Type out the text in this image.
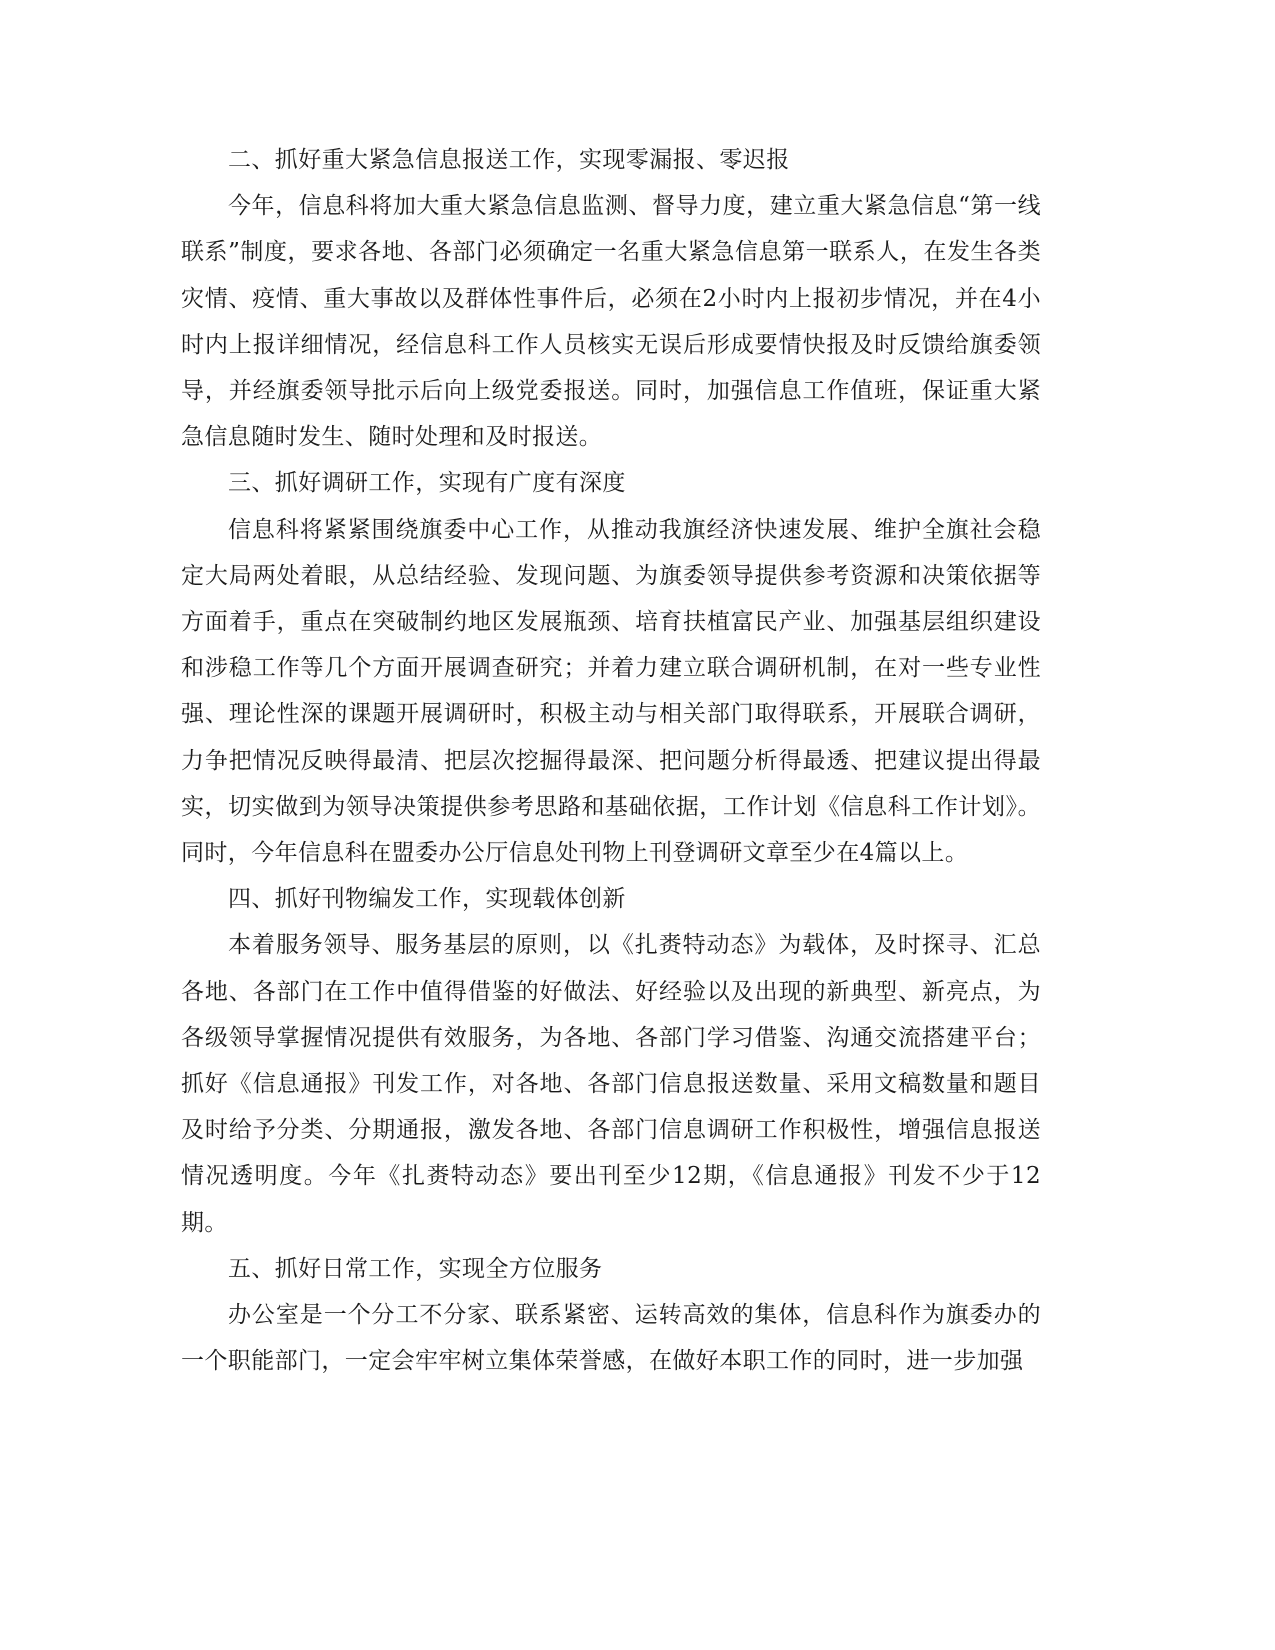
二、抓好重大紧急信息报送工作，实现零漏报、零迟报

今年，信息科将加大重大紧急信息监测、督导力度，建立重大紧急信息“第一线联系”制度，要求各地、各部门必须确定一名重大紧急信息第一联系人，在发生各类灾情、疫情、重大事故以及群体性事件后，必须在2小时内上报初步情况，并在4小时内上报详细情况，经信息科工作人员核实无误后形成要情快报及时反馈给旗委领导，并经旗委领导批示后向上级党委报送。同时，加强信息工作值班，保证重大紧急信息随时发生、随时处理和及时报送。

三、抓好调研工作，实现有广度有深度

信息科将紧紧围绕旗委中心工作，从推动我旗经济快速发展、维护全旗社会稳定大局两处着眼，从总结经验、发现问题、为旗委领导提供参考资源和决策依据等方面着手，重点在突破制约地区发展瓶颈、培育扶植富民产业、加强基层组织建设和涉稳工作等几个方面开展调查研究；并着力建立联合调研机制，在对一些专业性强、理论性深的课题开展调研时，积极主动与相关部门取得联系，开展联合调研，力争把情况反映得最清、把层次挖掘得最深、把问题分析得最透、把建议提出得最实，切实做到为领导决策提供参考思路和基础依据，工作计划《信息科工作计划》。同时，今年信息科在盟委办公厅信息处刊物上刊登调研文章至少在4篇以上。

四、抓好刊物编发工作，实现载体创新

本着服务领导、服务基层的原则，以《扎赉特动态》为载体，及时探寻、汇总各地、各部门在工作中值得借鉴的好做法、好经验以及出现的新典型、新亮点，为各级领导掌握情况提供有效服务，为各地、各部门学习借鉴、沟通交流搭建平台；抓好《信息通报》刊发工作，对各地、各部门信息报送数量、采用文稿数量和题目及时给予分类、分期通报，激发各地、各部门信息调研工作积极性，增强信息报送情况透明度。今年《扎赉特动态》要出刊至少12期，《信息通报》刊发不少于12期。

五、抓好日常工作，实现全方位服务

办公室是一个分工不分家、联系紧密、运转高效的集体，信息科作为旗委办的一个职能部门，一定会牢牢树立集体荣誉感，在做好本职工作的同时，进一步加强
